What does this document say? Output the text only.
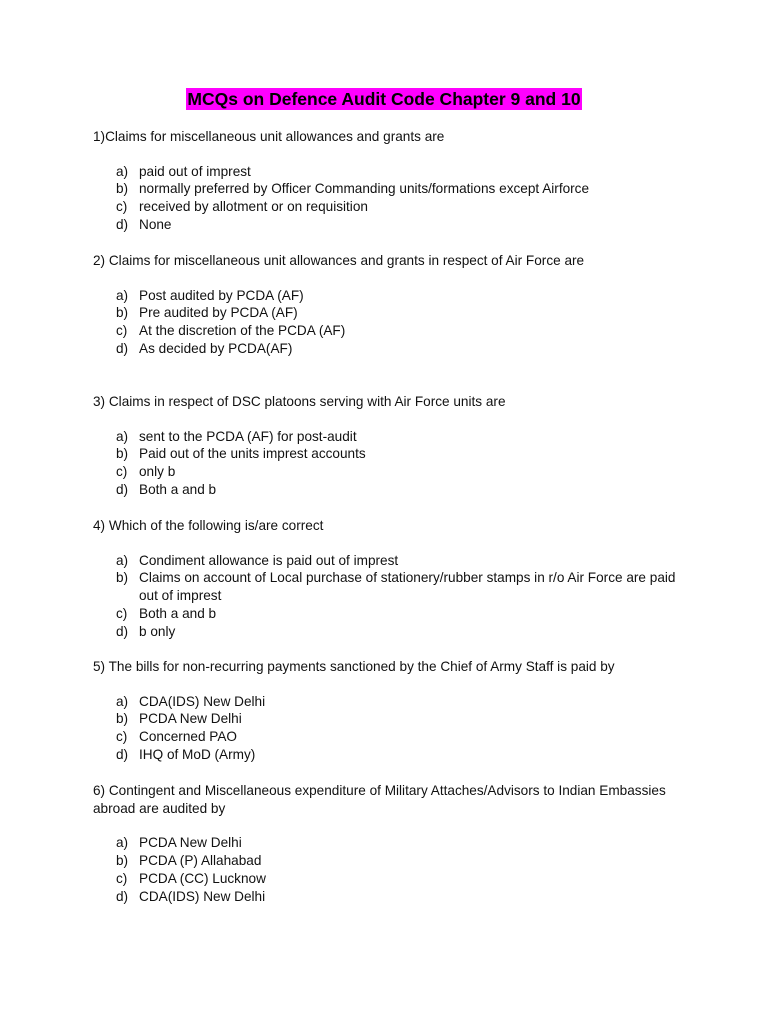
MCQs on Defence Audit Code Chapter 9 and 10

1)Claims for miscellaneous unit allowances and grants are

a) paid out of imprest
b) normally preferred by Officer Commanding units/formations except Airforce
c) received by allotment or on requisition
d) None

2) Claims for miscellaneous unit allowances and grants in respect of Air Force are

a) Post audited by PCDA (AF)
b) Pre audited by PCDA (AF)
c) At the discretion of the PCDA (AF)
d) As decided by PCDA(AF)

3) Claims in respect of DSC platoons serving with Air Force units are

a) sent to the PCDA (AF) for post-audit
b) Paid out of the units imprest accounts
c) only b
d) Both a and b

4) Which of the following is/are correct

a) Condiment allowance is paid out of imprest
b) Claims on account of Local purchase of stationery/rubber stamps in r/o Air Force are paid out of imprest
c) Both a and b
d) b only

5) The bills for non-recurring payments sanctioned by the Chief of Army Staff is paid by

a) CDA(IDS) New Delhi
b) PCDA New Delhi
c) Concerned PAO
d) IHQ of MoD (Army)

6) Contingent and Miscellaneous expenditure of Military Attaches/Advisors to Indian Embassies abroad are audited by

a) PCDA New Delhi
b) PCDA (P) Allahabad
c) PCDA (CC) Lucknow
d) CDA(IDS) New Delhi
